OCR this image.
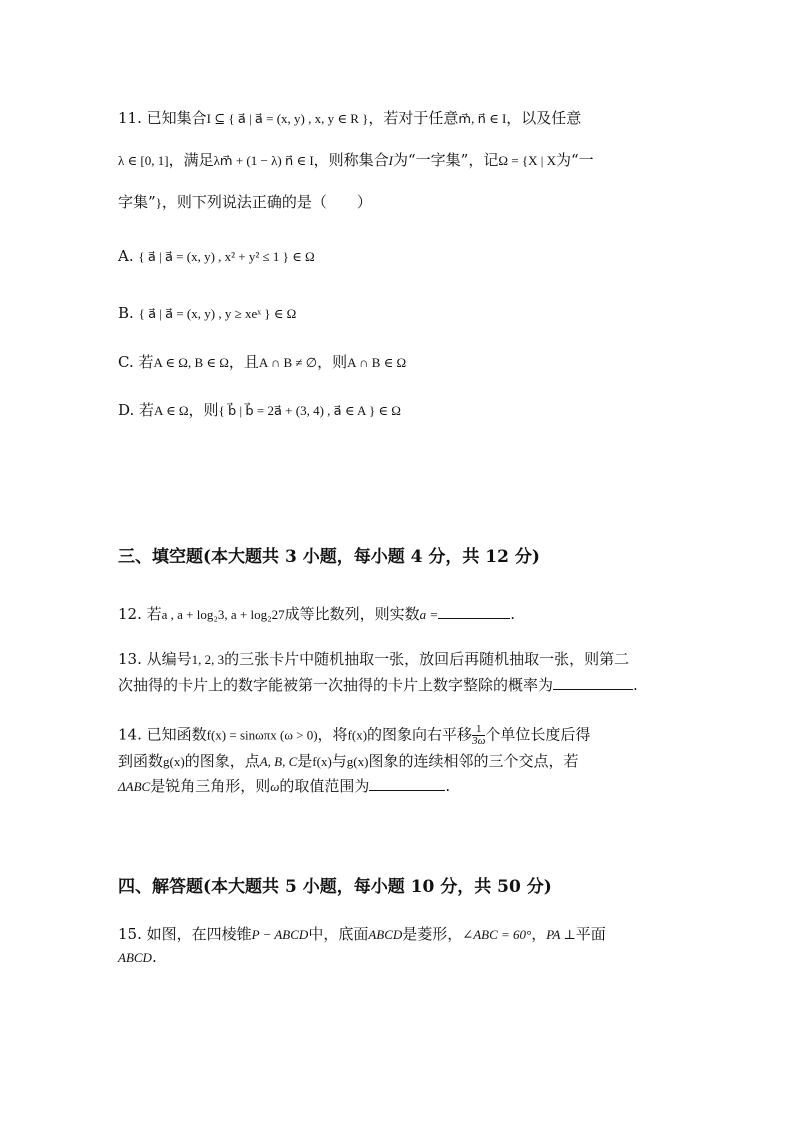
11. 已知集合I ⊆ { a⃗ | a⃗ = (x, y) , x, y ∈ R }，若对于任意m⃗, n⃗ ∈ I，以及任意
λ ∈ [0, 1]，满足λm⃗ + (1 − λ) n⃗ ∈ I，则称集合I为“一字集”，记Ω = {X | X为“一
字集”}，则下列说法正确的是（　　）
A. { a⃗ | a⃗ = (x, y) , x² + y² ≤ 1 } ∈ Ω
B. { a⃗ | a⃗ = (x, y) , y ≥ xeˣ } ∈ Ω
C. 若A ∈ Ω, B ∈ Ω，且A ∩ B ≠ ∅，则A ∩ B ∈ Ω
D. 若A ∈ Ω，则{ b⃗ | b⃗ = 2a⃗ + (3, 4) , a⃗ ∈ A } ∈ Ω
三、填空题(本大题共 3 小题，每小题 4 分，共 12 分)
12. 若a , a + log₂3, a + log₂27成等比数列，则实数a =	.
13. 从编号1, 2, 3的三张卡片中随机抽取一张，放回后再随机抽取一张，则第二
次抽得的卡片上的数字能被第一次抽得的卡片上数字整除的概率为	.
14. 已知函数f(x) = sinωπx (ω > 0)，将f(x)的图象向右平移 $\frac{1}{3\omega}$ 个单位长度后得
到函数g(x)的图象，点A, B, C是f(x)与g(x)图象的连续相邻的三个交点，若
ΔABC是锐角三角形，则ω的取值范围为	.
四、解答题(本大题共 5 小题，每小题 10 分，共 50 分)
15. 如图，在四棱锥P − ABCD中，底面ABCD是菱形，∠ABC = 60°，PA ⊥平面
ABCD.
